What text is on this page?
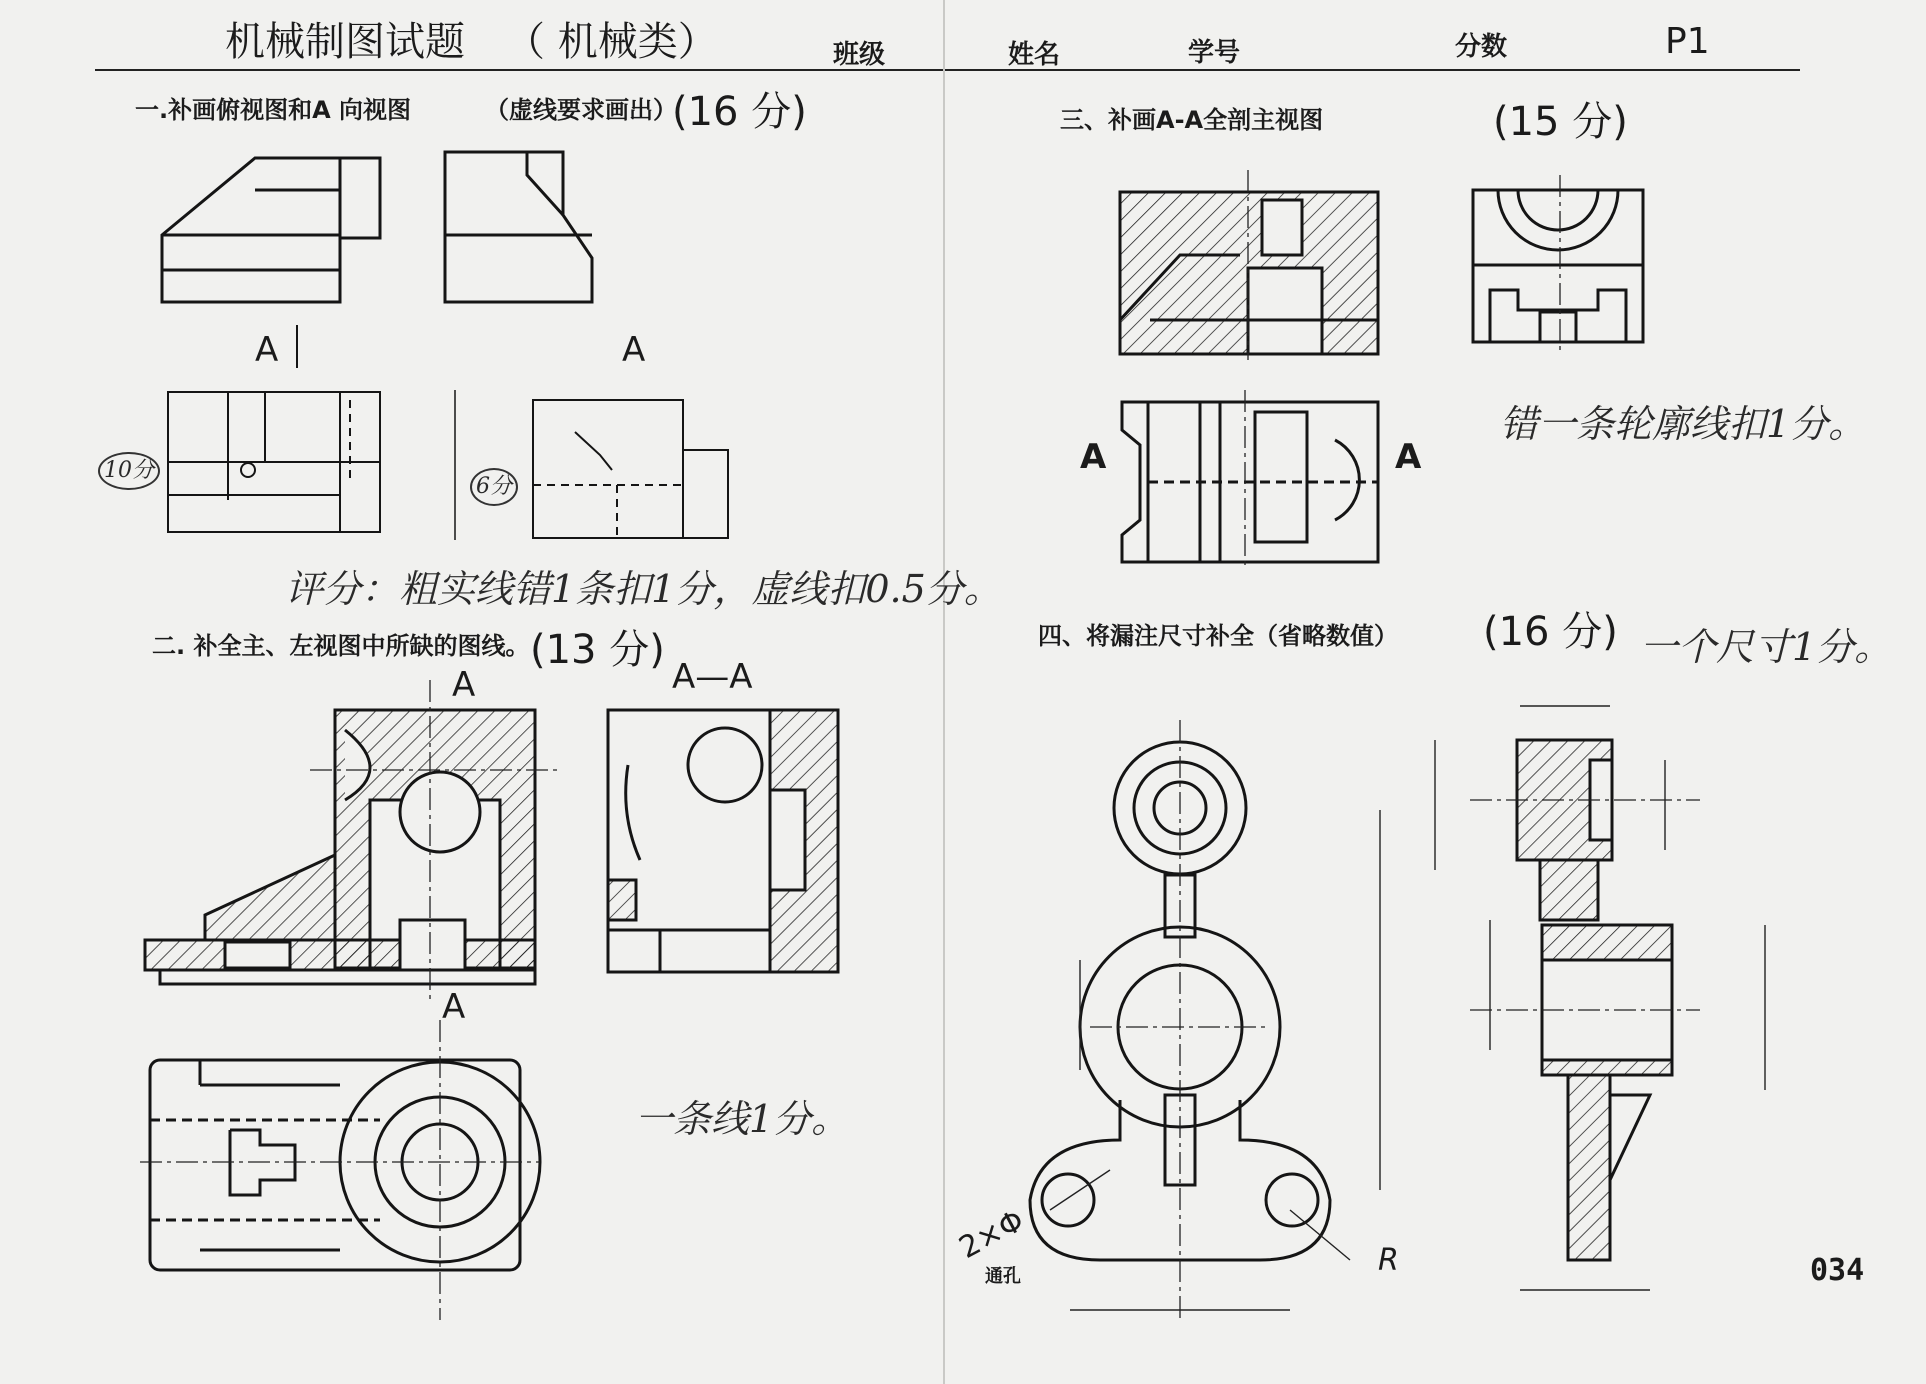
机械制图试题 （ 机械类）	班级	姓名	学号	分数	P1
一.补画俯视图和A 向视图	（虚线要求画出）
(16 分)
A	A
10分
6分
评分：粗实线错1条扣1分，虚线扣0.5分。
二. 补全主、左视图中所缺的图线。 (13 分)
A	A—A
A
一条线1分。
三、补画A-A全剖主视图	(15 分)
A	A
错一条轮廓线扣1分。
四、将漏注尺寸补全（省略数值） (16 分) 一个尺寸1分。
2×Φ
通孔	R	034
